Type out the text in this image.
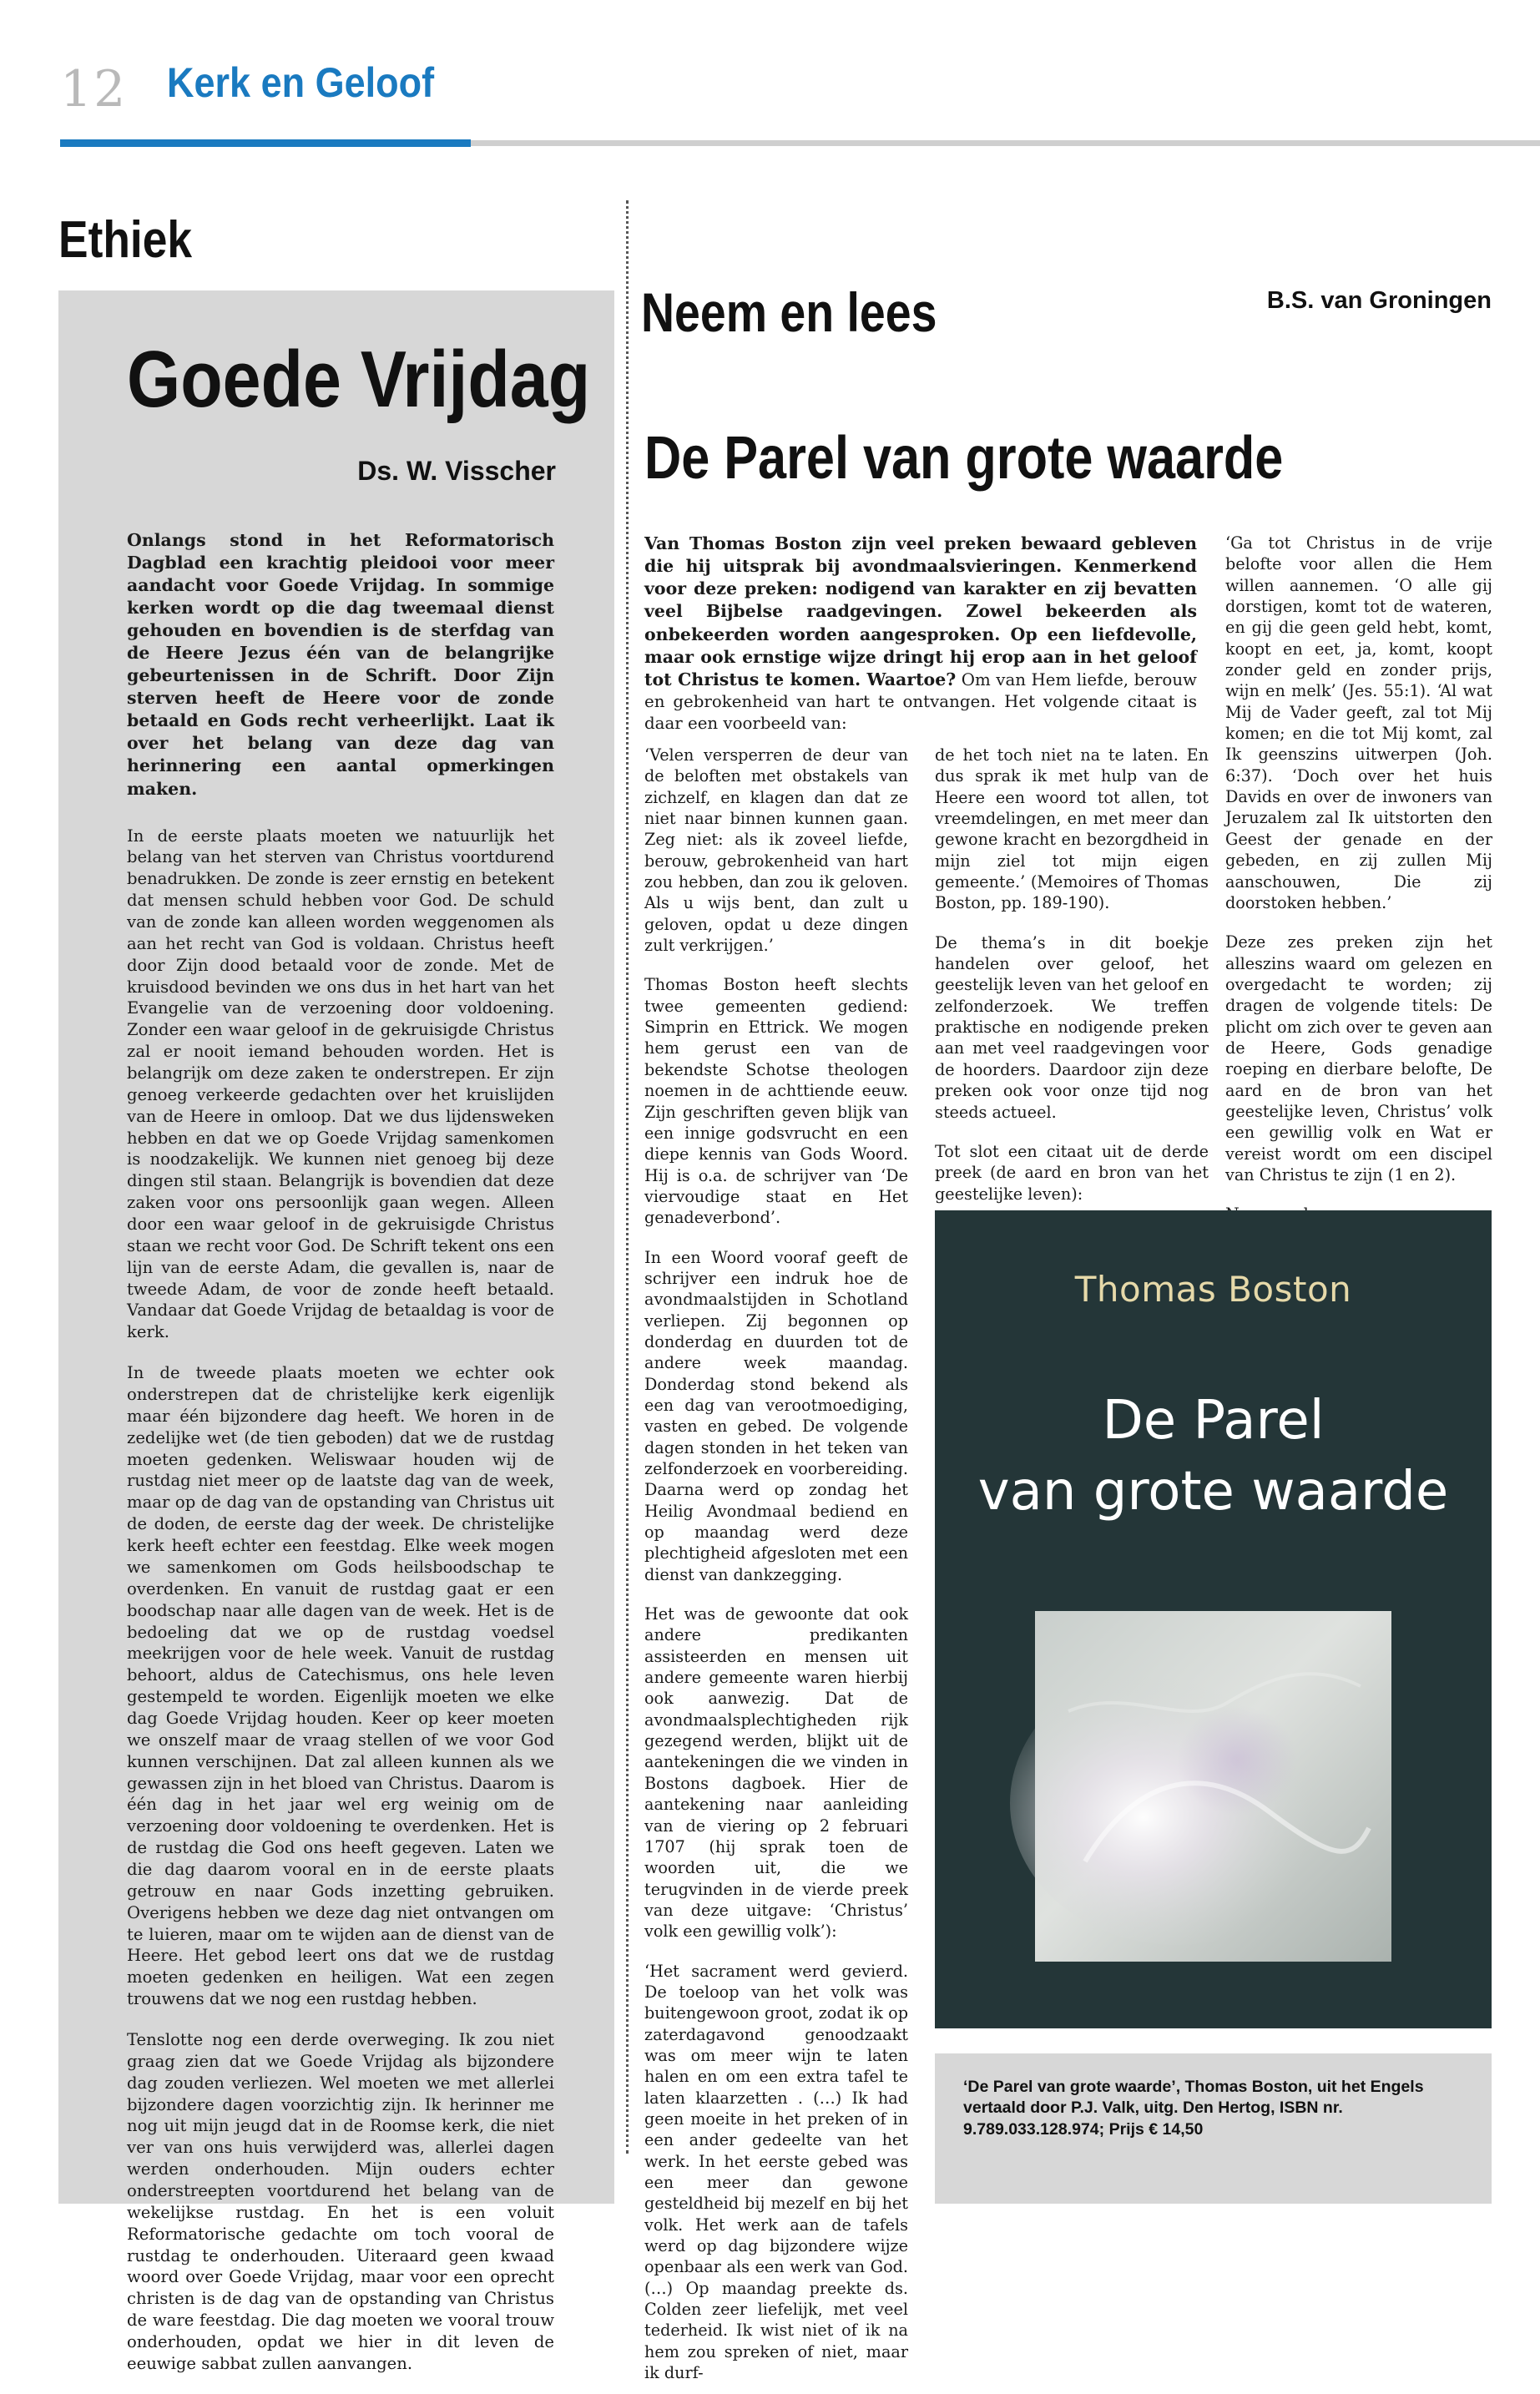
12 Kerk en Geloof
Ethiek
Goede Vrijdag
Ds. W. Visscher

Onlangs stond in het Reformatorisch Dagblad een krachtig pleidooi voor meer aandacht voor Goede Vrijdag. In sommige kerken wordt op die dag tweemaal dienst gehouden en bovendien is de sterfdag van de Heere Jezus één van de belangrijke gebeurtenissen in de Schrift. Door Zijn sterven heeft de Heere voor de zonde betaald en Gods recht verheerlijkt. Laat ik over het belang van deze dag van herinnering een aantal opmerkingen maken.

In de eerste plaats moeten we natuurlijk het belang van het sterven van Christus voortdurend benadrukken. De zonde is zeer ernstig en betekent dat mensen schuld hebben voor God. De schuld van de zonde kan alleen worden weggenomen als aan het recht van God is voldaan. Christus heeft door Zijn dood betaald voor de zonde. Met de kruisdood bevinden we ons dus in het hart van het Evangelie van de verzoening door voldoening. Zonder een waar geloof in de gekruisigde Christus zal er nooit iemand behouden worden. Het is belangrijk om deze zaken te onderstrepen. Er zijn genoeg verkeerde gedachten over het kruislijden van de Heere in omloop. Dat we dus lijdensweken hebben en dat we op Goede Vrijdag samenkomen is noodzakelijk. We kunnen niet genoeg bij deze dingen stil staan. Belangrijk is bovendien dat deze zaken voor ons persoonlijk gaan wegen. Alleen door een waar geloof in de gekruisigde Christus staan we recht voor God. De Schrift tekent ons een lijn van de eerste Adam, die gevallen is, naar de tweede Adam, de voor de zonde heeft betaald. Vandaar dat Goede Vrijdag de betaaldag is voor de kerk.

In de tweede plaats moeten we echter ook onderstrepen dat de christelijke kerk eigenlijk maar één bijzondere dag heeft. We horen in de zedelijke wet (de tien geboden) dat we de rustdag moeten gedenken. Weliswaar houden wij de rustdag niet meer op de laatste dag van de week, maar op de dag van de opstanding van Christus uit de doden, de eerste dag der week. De christelijke kerk heeft echter een feestdag. Elke week mogen we samenkomen om Gods heilsboodschap te overdenken. En vanuit de rustdag gaat er een boodschap naar alle dagen van de week. Het is de bedoeling dat we op de rustdag voedsel meekrijgen voor de hele week. Vanuit de rustdag behoort, aldus de Catechismus, ons hele leven gestempeld te worden. Eigenlijk moeten we elke dag Goede Vrijdag houden. Keer op keer moeten we onszelf maar de vraag stellen of we voor God kunnen verschijnen. Dat zal alleen kunnen als we gewassen zijn in het bloed van Christus. Daarom is één dag in het jaar wel erg weinig om de verzoening door voldoening te overdenken. Het is de rustdag die God ons heeft gegeven. Laten we die dag daarom vooral en in de eerste plaats getrouw en naar Gods inzetting gebruiken. Overigens hebben we deze dag niet ontvangen om te luieren, maar om te wijden aan de dienst van de Heere. Het gebod leert ons dat we de rustdag moeten gedenken en heiligen. Wat een zegen trouwens dat we nog een rustdag hebben.

Tenslotte nog een derde overweging. Ik zou niet graag zien dat we Goede Vrijdag als bijzondere dag zouden verliezen. Wel moeten we met allerlei bijzondere dagen voorzichtig zijn. Ik herinner me nog uit mijn jeugd dat in de Roomse kerk, die niet ver van ons huis verwijderd was, allerlei dagen werden onderhouden. Mijn ouders echter onderstreepten voortdurend het belang van de wekelijkse rustdag. En het is een voluit Reformatorische gedachte om toch vooral de rustdag te onderhouden. Uiteraard geen kwaad woord over Goede Vrijdag, maar voor een oprecht christen is de dag van de opstanding van Christus de ware feestdag. Die dag moeten we vooral trouw onderhouden, opdat we hier in dit leven de eeuwige sabbat zullen aanvangen.

Neem en lees	B.S. van Groningen
De Parel van grote waarde
Van Thomas Boston zijn veel preken bewaard gebleven die hij uitsprak bij avondmaalsvieringen. Kenmerkend voor deze preken: nodigend van karakter en zij bevatten veel Bijbelse raadgevingen. Zowel bekeerden als onbekeerden worden aangesproken. Op een liefdevolle, maar ook ernstige wijze dringt hij erop aan in het geloof tot Christus te komen. Waartoe? Om van Hem liefde, berouw en gebrokenheid van hart te ontvangen. Het volgende citaat is daar een voorbeeld van:

‘Velen versperren de deur van de beloften met obstakels van zichzelf, en klagen dan dat ze niet naar binnen kunnen gaan. Zeg niet: als ik zoveel liefde, berouw, gebrokenheid van hart zou hebben, dan zou ik geloven. Als u wijs bent, dan zult u geloven, opdat u deze dingen zult verkrijgen.’

Thomas Boston heeft slechts twee gemeenten gediend: Simprin en Ettrick. We mogen hem gerust een van de bekendste Schotse theologen noemen in de achttiende eeuw. Zijn geschriften geven blijk van een innige godsvrucht en een diepe kennis van Gods Woord. Hij is o.a. de schrijver van ‘De viervoudige staat en Het genadeverbond’.

In een Woord vooraf geeft de schrijver een indruk hoe de avondmaalstijden in Schotland verliepen. Zij begonnen op donderdag en duurden tot de andere week maandag. Donderdag stond bekend als een dag van verootmoediging, vasten en gebed. De volgende dagen stonden in het teken van zelfonderzoek en voorbereiding. Daarna werd op zondag het Heilig Avondmaal bediend en op maandag werd deze plechtigheid afgesloten met een dienst van dankzegging.

Het was de gewoonte dat ook andere predikanten assisteerden en mensen uit andere gemeente waren hierbij ook aanwezig. Dat de avondmaalsplechtigheden rijk gezegend werden, blijkt uit de aantekeningen die we vinden in Bostons dagboek. Hier de aantekening naar aanleiding van de viering op 2 februari 1707 (hij sprak toen de woorden uit, die we terugvinden in de vierde preek van deze uitgave: ‘Christus’ volk een gewillig volk’):

‘Het sacrament werd gevierd. De toeloop van het volk was buitengewoon groot, zodat ik op zaterdagavond genoodzaakt was om meer wijn te laten halen en om een extra tafel te laten klaarzetten . (…) Ik had geen moeite in het preken of in een ander gedeelte van het werk. In het eerste gebed was een meer dan gewone gesteldheid bij mezelf en bij het volk. Het werk aan de tafels werd op dag bijzondere wijze openbaar als een werk van God. (…) Op maandag preekte ds. Colden zeer liefelijk, met veel tederheid. Ik wist niet of ik na hem zou spreken of niet, maar ik durf-

de het toch niet na te laten. En dus sprak ik met hulp van de Heere een woord tot allen, tot vreemdelingen, en met meer dan gewone kracht en bezorgdheid in mijn ziel tot mijn eigen gemeente.’ (Memoires of Thomas Boston, pp. 189-190).

De thema’s in dit boekje handelen over geloof, het geestelijk leven van het geloof en zelfonderzoek. We treffen praktische en nodigende preken aan met veel raadgevingen voor de hoorders. Daardoor zijn deze preken ook voor onze tijd nog steeds actueel.

Tot slot een citaat uit de derde preek (de aard en bron van het geestelijke leven):

‘Ga tot Christus in de vrije belofte voor allen die Hem willen aannemen. ‘O alle gij dorstigen, komt tot de wateren, en gij die geen geld hebt, komt, koopt en eet, ja, komt, koopt zonder geld en zonder prijs, wijn en melk’ (Jes. 55:1). ‘Al wat Mij de Vader geeft, zal tot Mij komen; en die tot Mij komt, zal Ik geenszins uitwerpen (Joh. 6:37). ‘Doch over het huis Davids en over de inwoners van Jeruzalem zal Ik uitstorten den Geest der genade en der gebeden, en zij zullen Mij aanschouwen, Die zij doorstoken hebben.’

Deze zes preken zijn het alleszins waard om gelezen en overgedacht te worden; zij dragen de volgende titels: De plicht om zich over te geven aan de Heere, Gods genadige roeping en dierbare belofte, De aard en de bron van het geestelijke leven, Christus’ volk een gewillig volk en Wat er vereist wordt om een discipel van Christus te zijn (1 en 2).

Thomas Boston
De Parel
van grote waarde
‘De Parel van grote waarde’, Thomas Boston, uit het Engels vertaald door P.J. Valk, uitg. Den Hertog, ISBN nr. 9.789.033.128.974; Prijs € 14,50
